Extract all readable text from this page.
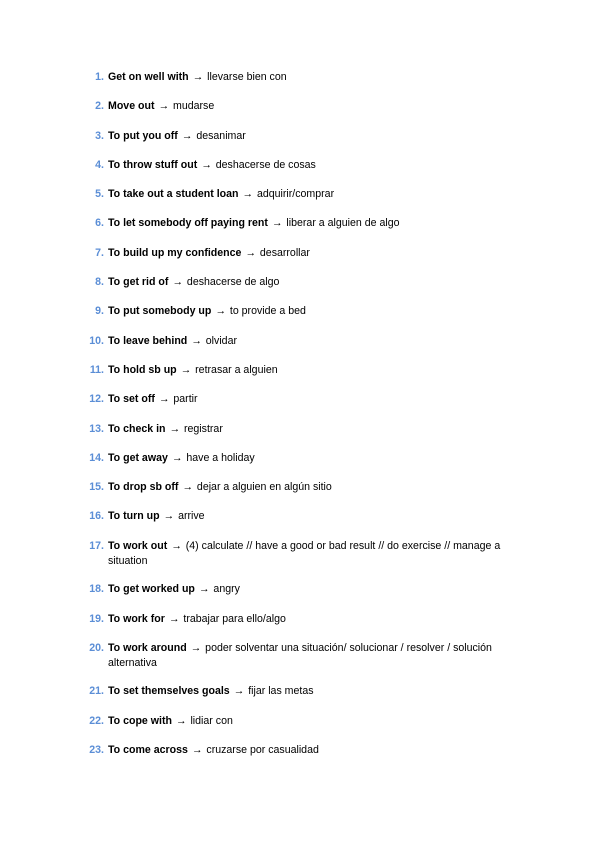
1. Get on well with → llevarse bien con
2. Move out → mudarse
3. To put you off → desanimar
4. To throw stuff out → deshacerse de cosas
5. To take out a student loan → adquirir/comprar
6. To let somebody off paying rent → liberar a alguien de algo
7. To build up my confidence → desarrollar
8. To get rid of → deshacerse de algo
9. To put somebody up → to provide a bed
10. To leave behind → olvidar
11. To hold sb up → retrasar a alguien
12. To set off → partir
13. To check in → registrar
14. To get away → have a holiday
15. To drop sb off → dejar a alguien en algún sitio
16. To turn up → arrive
17. To work out → (4) calculate // have a good or bad result // do exercise // manage a situation
18. To get worked up → angry
19. To work for → trabajar para ello/algo
20. To work around → poder solventar una situación/ solucionar / resolver / solución alternativa
21. To set themselves goals → fijar las metas
22. To cope with → lidiar con
23. To come across → cruzarse por casualidad
